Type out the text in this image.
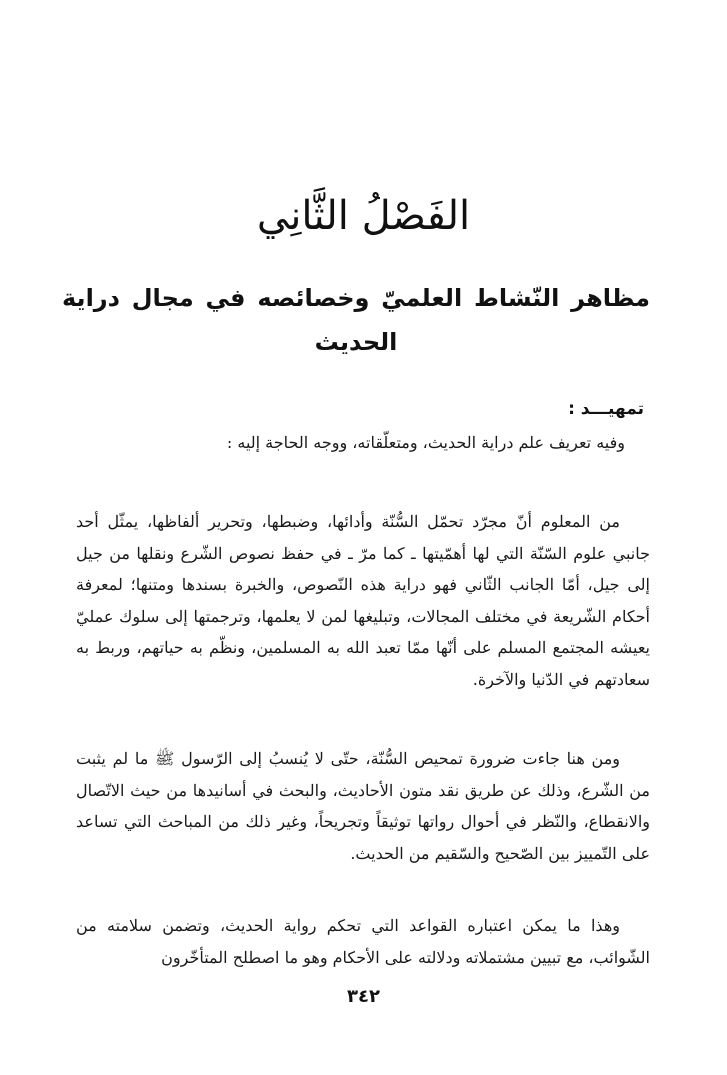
الفَصْلُ الثَّانِي
مظاهر النّشاط العلميّ وخصائصه في مجال دراية الحديث
تمهيـــد :
وفيه تعريف علم دراية الحديث، ومتعلّقاته، ووجه الحاجة إليه :

من المعلوم أنّ مجرّد تحمّل السُّنّة وأدائها، وضبطها، وتحرير ألفاظها، يمثّل أحد جانبي علوم السّنّة التي لها أهمّيتها ـ كما مرّ ـ في حفظ نصوص الشّرع ونقلها من جيل إلى جيل، أمّا الجانب الثّاني فهو دراية هذه النّصوص، والخبرة بسندها ومتنها؛ لمعرفة أحكام الشّريعة في مختلف المجالات، وتبليغها لمن لا يعلمها، وترجمتها إلى سلوك عمليّ يعيشه المجتمع المسلم على أنّها ممّا تعبد الله به المسلمين، ونظّم به حياتهم، وربط به سعادتهم في الدّنيا والآخرة.

ومن هنا جاءت ضرورة تمحيص السُّنّة، حتّى لا يُنسبُ إلى الرّسول ﷺ ما لم يثبت من الشّرع، وذلك عن طريق نقد متون الأحاديث، والبحث في أسانيدها من حيث الاتّصال والانقطاع، والنّظر في أحوال رواتها توثيقاً وتجريحاً، وغير ذلك من المباحث التي تساعد على التّمييز بين الصّحيح والسّقيم من الحديث.

وهذا ما يمكن اعتباره القواعد التي تحكم رواية الحديث، وتضمن سلامته من الشّوائب، مع تبيين مشتملاته ودلالته على الأحكام وهو ما اصطلح المتأخّرون

٣٤٢
